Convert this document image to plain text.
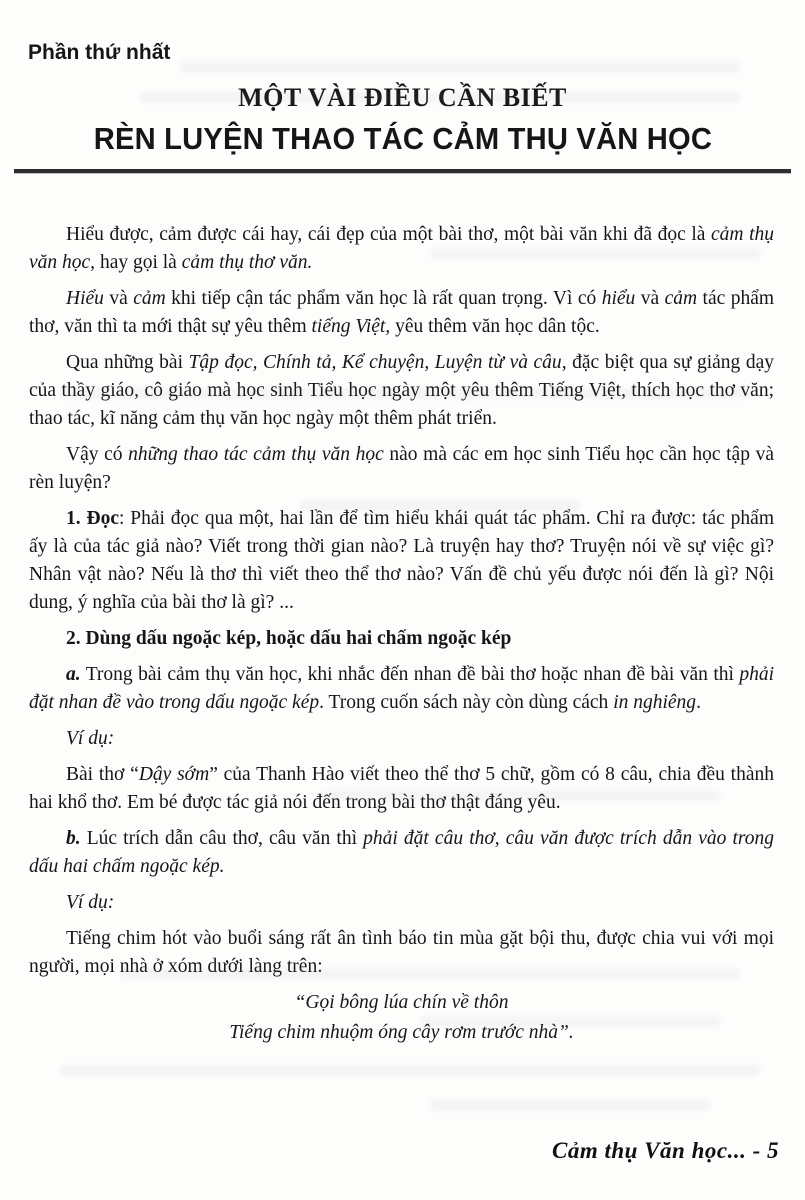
Phần thứ nhất
MỘT VÀI ĐIỀU CẦN BIẾT
RÈN LUYỆN THAO TÁC CẢM THỤ VĂN HỌC

Hiểu được, cảm được cái hay, cái đẹp của một bài thơ, một bài văn khi đã đọc là cảm thụ văn học, hay gọi là cảm thụ thơ văn.

Hiểu và cảm khi tiếp cận tác phẩm văn học là rất quan trọng. Vì có hiểu và cảm tác phẩm thơ, văn thì ta mới thật sự yêu thêm tiếng Việt, yêu thêm văn học dân tộc.

Qua những bài Tập đọc, Chính tả, Kể chuyện, Luyện từ và câu, đặc biệt qua sự giảng dạy của thầy giáo, cô giáo mà học sinh Tiểu học ngày một yêu thêm Tiếng Việt, thích học thơ văn; thao tác, kĩ năng cảm thụ văn học ngày một thêm phát triển.

Vậy có những thao tác cảm thụ văn học nào mà các em học sinh Tiểu học cần học tập và rèn luyện?

1. Đọc: Phải đọc qua một, hai lần để tìm hiểu khái quát tác phẩm. Chỉ ra được: tác phẩm ấy là của tác giả nào? Viết trong thời gian nào? Là truyện hay thơ? Truyện nói về sự việc gì? Nhân vật nào? Nếu là thơ thì viết theo thể thơ nào? Vấn đề chủ yếu được nói đến là gì? Nội dung, ý nghĩa của bài thơ là gì? ...

2. Dùng dấu ngoặc kép, hoặc dấu hai chấm ngoặc kép

a. Trong bài cảm thụ văn học, khi nhắc đến nhan đề bài thơ hoặc nhan đề bài văn thì phải đặt nhan đề vào trong dấu ngoặc kép. Trong cuốn sách này còn dùng cách in nghiêng.

Ví dụ:

Bài thơ “Dậy sớm” của Thanh Hào viết theo thể thơ 5 chữ, gồm có 8 câu, chia đều thành hai khổ thơ. Em bé được tác giả nói đến trong bài thơ thật đáng yêu.

b. Lúc trích dẫn câu thơ, câu văn thì phải đặt câu thơ, câu văn được trích dẫn vào trong dấu hai chấm ngoặc kép.

Ví dụ:

Tiếng chim hót vào buổi sáng rất ân tình báo tin mùa gặt bội thu, được chia vui với mọi người, mọi nhà ở xóm dưới làng trên:

“Gọi bông lúa chín về thôn

Tiếng chim nhuộm óng cây rơm trước nhà”.

Cảm thụ Văn học... - 5
